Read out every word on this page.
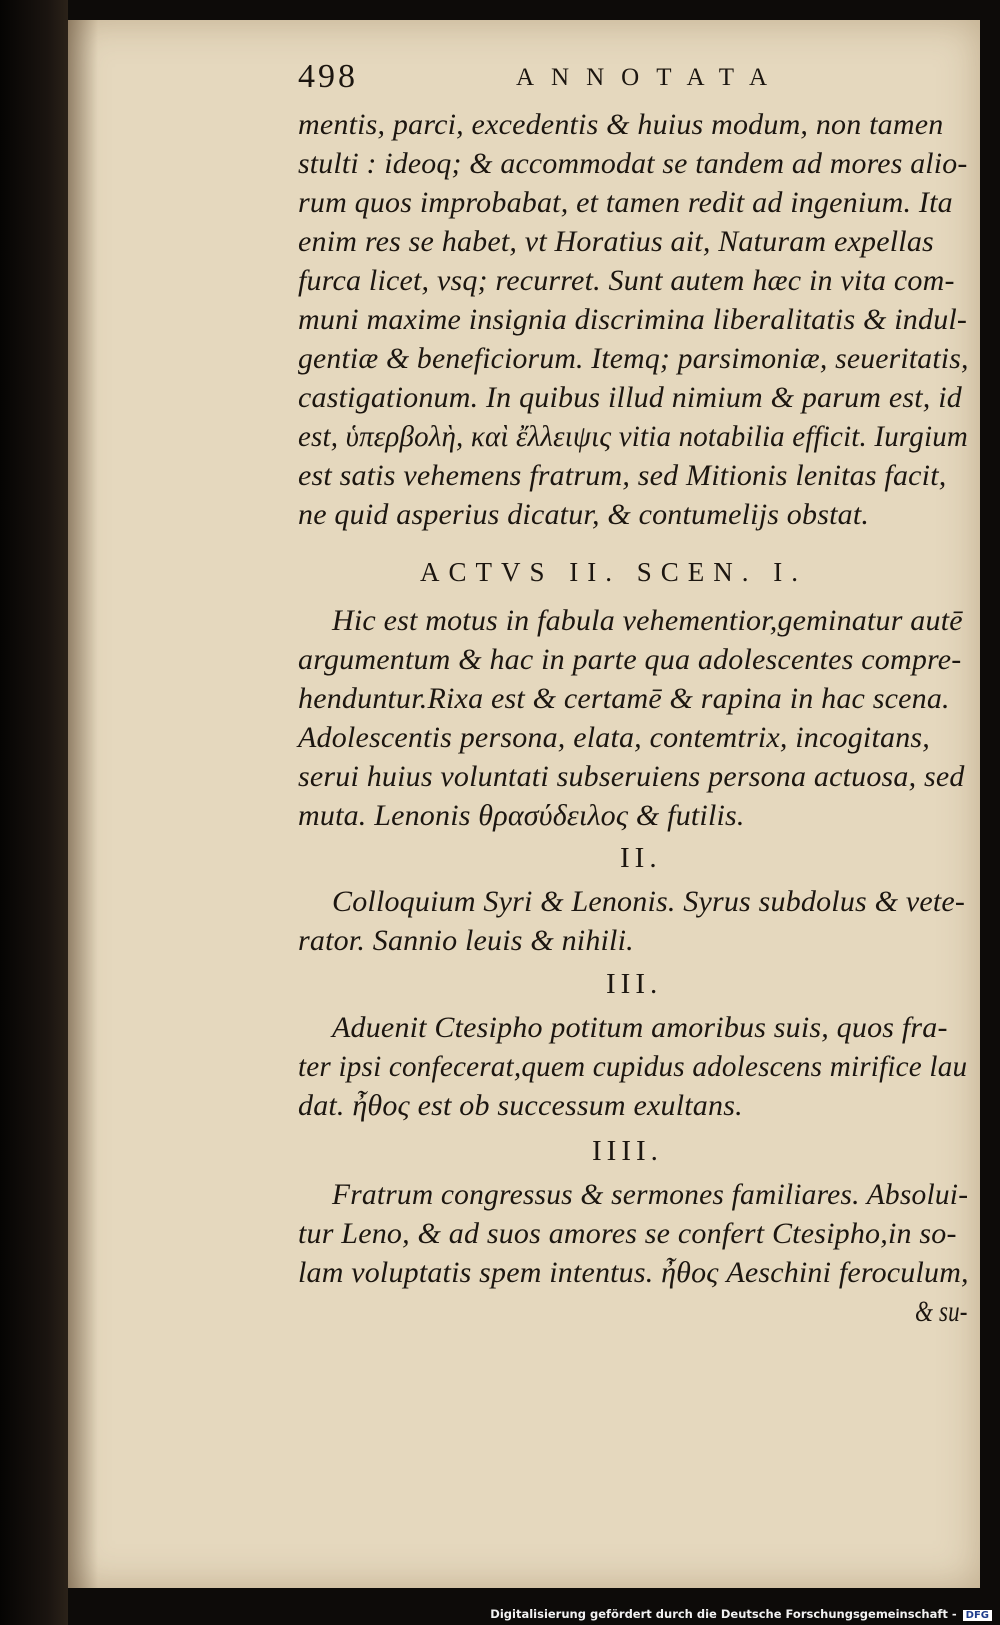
498	ANNOTATA
mentis, parci, excedentis & huius modum, non tamen
stulti : ideoq; & accommodat se tandem ad mores alio-
rum quos improbabat, et tamen redit ad ingenium. Ita
enim res se habet, vt Horatius ait, Naturam expellas
furca licet, vsq; recurret. Sunt autem hæc in vita com-
muni maxime insignia discrimina liberalitatis & indul-
gentiæ & beneficiorum. Itemq; parsimoniæ, seueritatis,
castigationum. In quibus illud nimium & parum est, id
est, ὑπερβολὴ, καὶ ἔλλειψις vitia notabilia efficit. Iurgium
est satis vehemens fratrum, sed Mitionis lenitas facit,
ne quid asperius dicatur, & contumelijs obstat.
ACTVS II. SCEN. I.
Hic est motus in fabula vehementior,geminatur autē
argumentum & hac in parte qua adolescentes compre-
henduntur.Rixa est & certamē & rapina in hac scena.
Adolescentis persona, elata, contemtrix, incogitans,
serui huius voluntati subseruiens persona actuosa, sed
muta. Lenonis θρασύδειλος & futilis.
II.
Colloquium Syri & Lenonis. Syrus subdolus & vete-
rator. Sannio leuis & nihili.
III.
Aduenit Ctesipho potitum amoribus suis, quos fra-
ter ipsi confecerat,quem cupidus adolescens mirifice lau
dat. ἦθος est ob successum exultans.
IIII.
Fratrum congressus & sermones familiares. Absolui-
tur Leno, & ad suos amores se confert Ctesipho,in so-
lam voluptatis spem intentus. ἦθος Aeschini feroculum,
& su-
Digitalisierung gefördert durch die Deutsche Forschungsgemeinschaft - DFG
